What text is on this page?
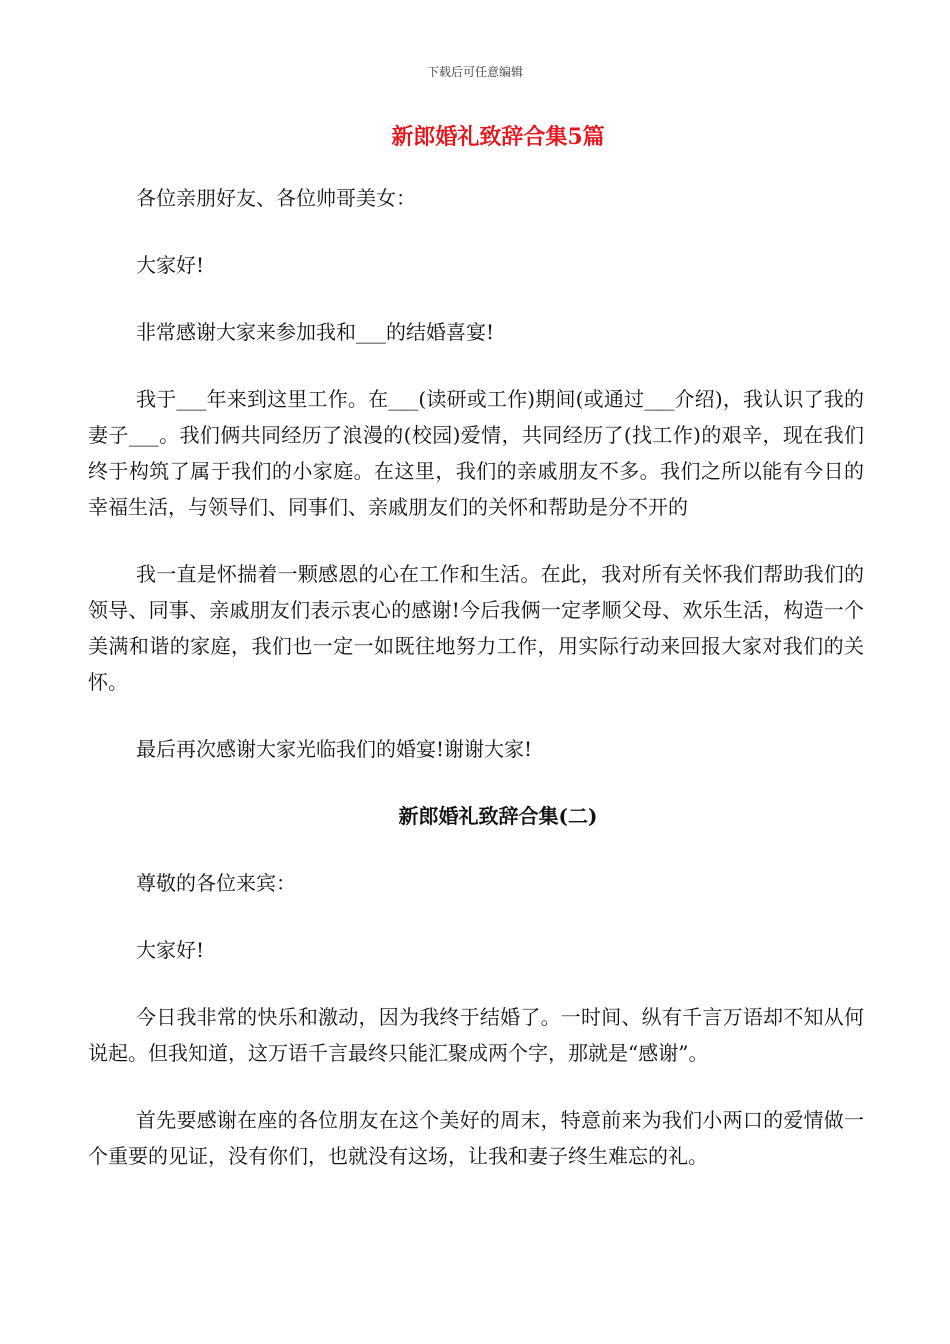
下载后可任意编辑
新郎婚礼致辞合集5篇

各位亲朋好友、各位帅哥美女：

大家好!

非常感谢大家来参加我和___的结婚喜宴!

我于___年来到这里工作。在___(读研或工作)期间(或通过___介绍)，我认识了我的妻子___。我们俩共同经历了浪漫的(校园)爱情，共同经历了(找工作)的艰辛，现在我们终于构筑了属于我们的小家庭。在这里，我们的亲戚朋友不多。我们之所以能有今日的幸福生活，与领导们、同事们、亲戚朋友们的关怀和帮助是分不开的

我一直是怀揣着一颗感恩的心在工作和生活。在此，我对所有关怀我们帮助我们的领导、同事、亲戚朋友们表示衷心的感谢!今后我俩一定孝顺父母、欢乐生活，构造一个美满和谐的家庭，我们也一定一如既往地努力工作，用实际行动来回报大家对我们的关怀。

最后再次感谢大家光临我们的婚宴!谢谢大家!

新郎婚礼致辞合集(二)

尊敬的各位来宾：

大家好!

今日我非常的快乐和激动，因为我终于结婚了。一时间、纵有千言万语却不知从何说起。但我知道，这万语千言最终只能汇聚成两个字，那就是“感谢”。

首先要感谢在座的各位朋友在这个美好的周末，特意前来为我们小两口的爱情做一个重要的见证，没有你们，也就没有这场，让我和妻子终生难忘的礼。
